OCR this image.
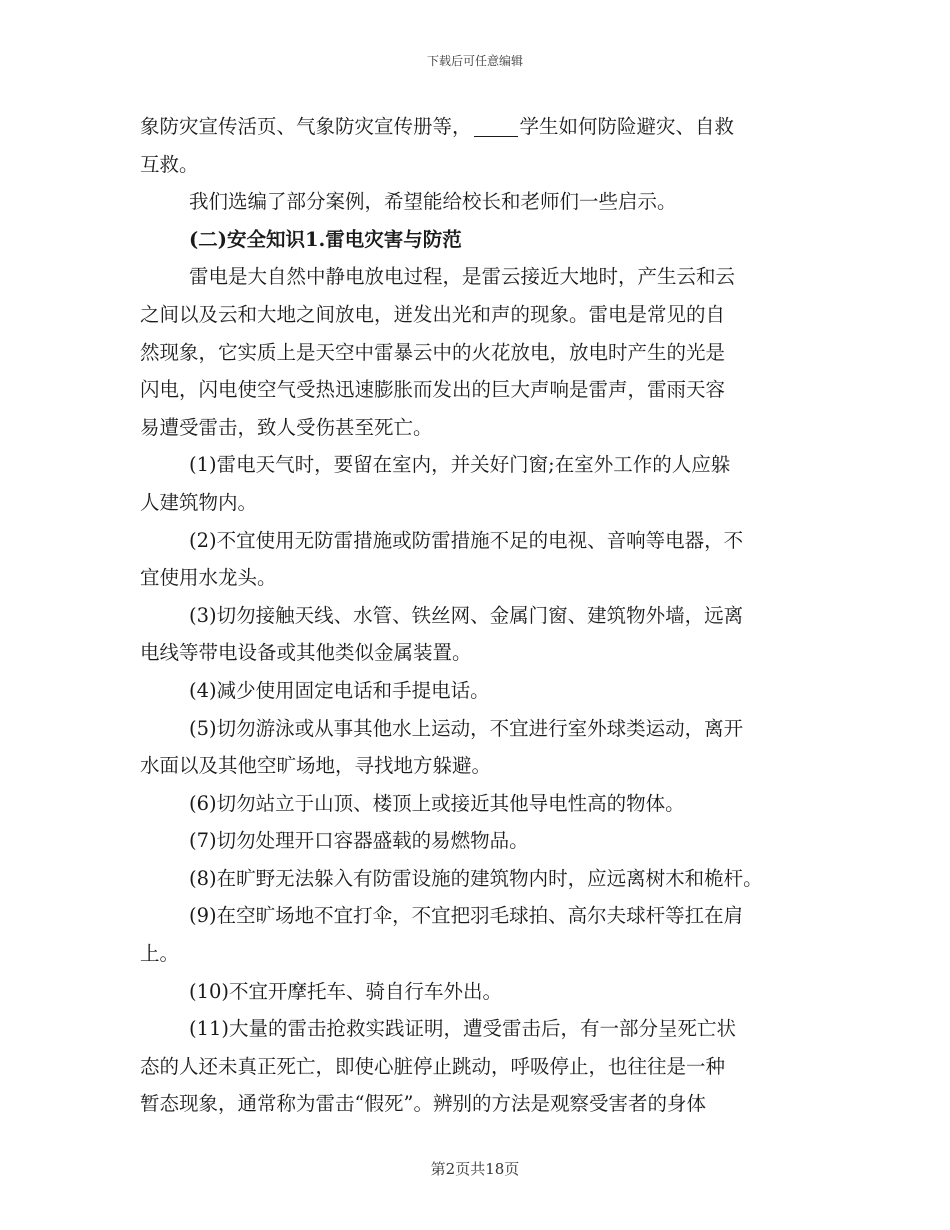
下载后可任意编辑
象防灾宣传活页、气象防灾宣传册等， 学生如何防险避灾、自救
互救。
我们选编了部分案例，希望能给校长和老师们一些启示。
(二)安全知识1.雷电灾害与防范
雷电是大自然中静电放电过程，是雷云接近大地时，产生云和云
之间以及云和大地之间放电，迸发出光和声的现象。雷电是常见的自
然现象，它实质上是天空中雷暴云中的火花放电，放电时产生的光是
闪电，闪电使空气受热迅速膨胀而发出的巨大声响是雷声，雷雨天容
易遭受雷击，致人受伤甚至死亡。
(1)雷电天气时，要留在室内，并关好门窗;在室外工作的人应躲
人建筑物内。
(2)不宜使用无防雷措施或防雷措施不足的电视、音响等电器，不
宜使用水龙头。
(3)切勿接触天线、水管、铁丝网、金属门窗、建筑物外墙，远离
电线等带电设备或其他类似金属装置。
(4)减少使用固定电话和手提电话。
(5)切勿游泳或从事其他水上运动，不宜进行室外球类运动，离开
水面以及其他空旷场地，寻找地方躲避。
(6)切勿站立于山顶、楼顶上或接近其他导电性高的物体。
(7)切勿处理开口容器盛载的易燃物品。
(8)在旷野无法躲入有防雷设施的建筑物内时，应远离树木和桅杆。
(9)在空旷场地不宜打伞，不宜把羽毛球拍、高尔夫球杆等扛在肩
上。
(10)不宜开摩托车、骑自行车外出。
(11)大量的雷击抢救实践证明，遭受雷击后，有一部分呈死亡状
态的人还未真正死亡，即使心脏停止跳动，呼吸停止，也往往是一种
暂态现象，通常称为雷击“假死”。辨别的方法是观察受害者的身体
第2页共18页
